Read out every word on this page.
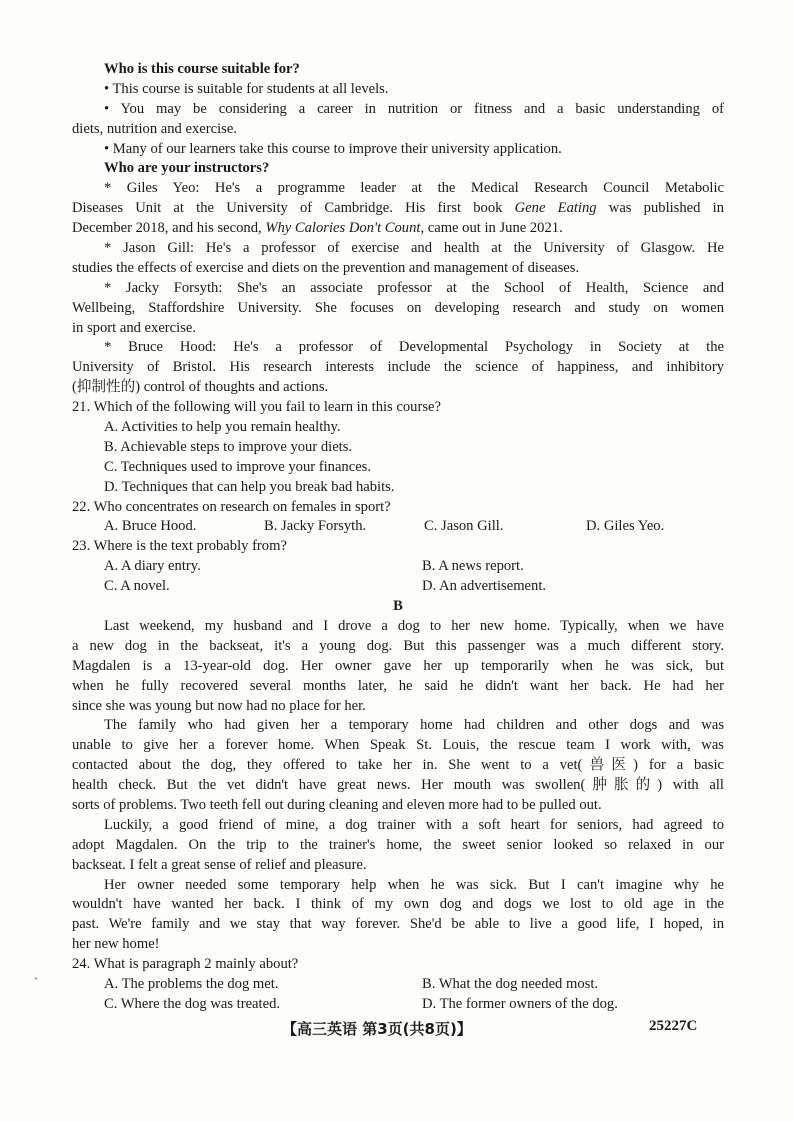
Who is this course suitable for?
• This course is suitable for students at all levels.
• You may be considering a career in nutrition or fitness and a basic understanding of
diets, nutrition and exercise.
• Many of our learners take this course to improve their university application.
Who are your instructors?
* Giles Yeo: He's a programme leader at the Medical Research Council Metabolic
Diseases Unit at the University of Cambridge. His first book Gene Eating was published in
December 2018, and his second, Why Calories Don't Count, came out in June 2021.
* Jason Gill: He's a professor of exercise and health at the University of Glasgow. He
studies the effects of exercise and diets on the prevention and management of diseases.
* Jacky Forsyth: She's an associate professor at the School of Health, Science and
Wellbeing, Staffordshire University. She focuses on developing research and study on women
in sport and exercise.
* Bruce Hood: He's a professor of Developmental Psychology in Society at the
University of Bristol. His research interests include the science of happiness, and inhibitory
(抑制性的) control of thoughts and actions.
21. Which of the following will you fail to learn in this course?
A. Activities to help you remain healthy.
B. Achievable steps to improve your diets.
C. Techniques used to improve your finances.
D. Techniques that can help you break bad habits.
22. Who concentrates on research on females in sport?
A. Bruce Hood.	B. Jacky Forsyth.	C. Jason Gill.	D. Giles Yeo.
23. Where is the text probably from?
A. A diary entry.	B. A news report.
C. A novel.	D. An advertisement.
B
Last weekend, my husband and I drove a dog to her new home. Typically, when we have
a new dog in the backseat, it's a young dog. But this passenger was a much different story.
Magdalen is a 13-year-old dog. Her owner gave her up temporarily when he was sick, but
when he fully recovered several months later, he said he didn't want her back. He had her
since she was young but now had no place for her.
The family who had given her a temporary home had children and other dogs and was
unable to give her a forever home. When Speak St. Louis, the rescue team I work with, was
contacted about the dog, they offered to take her in. She went to a vet(兽医) for a basic
health check. But the vet didn't have great news. Her mouth was swollen(肿胀的) with all
sorts of problems. Two teeth fell out during cleaning and eleven more had to be pulled out.
Luckily, a good friend of mine, a dog trainer with a soft heart for seniors, had agreed to
adopt Magdalen. On the trip to the trainer's home, the sweet senior looked so relaxed in our
backseat. I felt a great sense of relief and pleasure.
Her owner needed some temporary help when he was sick. But I can't imagine why he
wouldn't have wanted her back. I think of my own dog and dogs we lost to old age in the
past. We're family and we stay that way forever. She'd be able to live a good life, I hoped, in
her new home!
24. What is paragraph 2 mainly about?
A. The problems the dog met.	B. What the dog needed most.
C. Where the dog was treated.	D. The former owners of the dog.
ˋ
【高三英语 第3页(共8页)】	25227C
